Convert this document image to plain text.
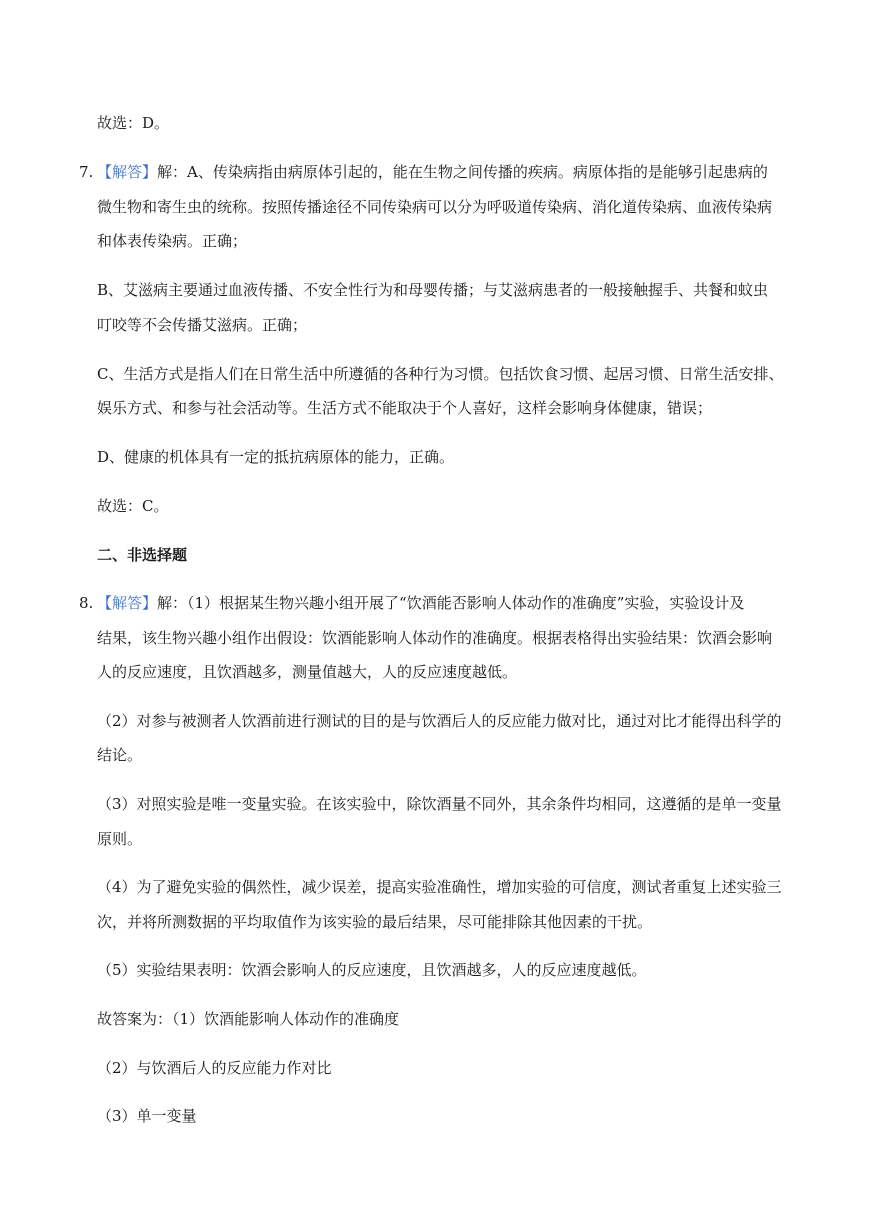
故选：D。
7. 【解答】解：A、传染病指由病原体引起的，能在生物之间传播的疾病。病原体指的是能够引起患病的
微生物和寄生虫的统称。按照传播途径不同传染病可以分为呼吸道传染病、消化道传染病、血液传染病
和体表传染病。正确；
B、艾滋病主要通过血液传播、不安全性行为和母婴传播；与艾滋病患者的一般接触握手、共餐和蚊虫
叮咬等不会传播艾滋病。正确；
C、生活方式是指人们在日常生活中所遵循的各种行为习惯。包括饮食习惯、起居习惯、日常生活安排、
娱乐方式、和参与社会活动等。生活方式不能取决于个人喜好，这样会影响身体健康，错误；
D、健康的机体具有一定的抵抗病原体的能力，正确。
故选：C。
二、非选择题
8. 【解答】解：（1）根据某生物兴趣小组开展了“饮酒能否影响人体动作的准确度”实验，实验设计及
结果，该生物兴趣小组作出假设：饮酒能影响人体动作的准确度。根据表格得出实验结果：饮酒会影响
人的反应速度，且饮酒越多，测量值越大，人的反应速度越低。
（2）对参与被测者人饮酒前进行测试的目的是与饮酒后人的反应能力做对比，通过对比才能得出科学的
结论。
（3）对照实验是唯一变量实验。在该实验中，除饮酒量不同外，其余条件均相同，这遵循的是单一变量
原则。
（4）为了避免实验的偶然性，减少误差，提高实验准确性，增加实验的可信度，测试者重复上述实验三
次，并将所测数据的平均取值作为该实验的最后结果，尽可能排除其他因素的干扰。
（5）实验结果表明：饮酒会影响人的反应速度，且饮酒越多，人的反应速度越低。
故答案为：（1）饮酒能影响人体动作的准确度
（2）与饮酒后人的反应能力作对比
（3）单一变量
